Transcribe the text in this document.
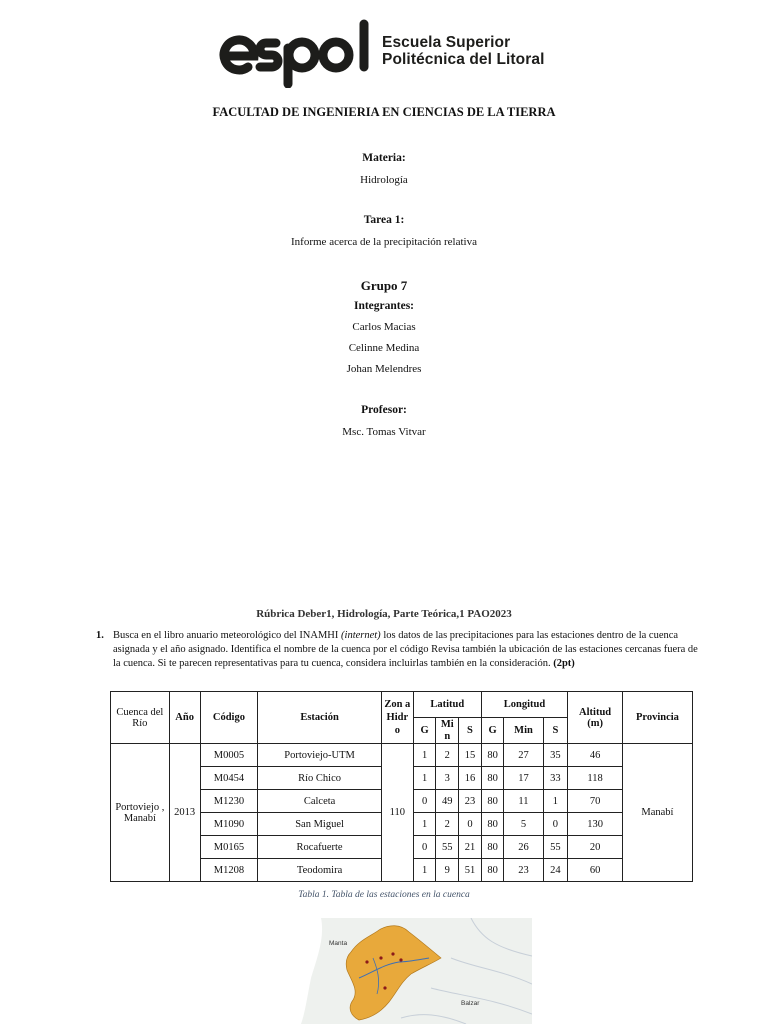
Escuela Superior
Politécnica del Litoral
FACULTAD DE INGENIERIA EN CIENCIAS DE LA TIERRA
Materia:
Hidrología
Tarea 1:
Informe acerca de la precipitación relativa
Grupo 7
Integrantes:
Carlos Macias
Celinne Medina
Johan Melendres
Profesor:
Msc. Tomas Vitvar
Rúbrica Deber1, Hidrología, Parte Teórica,1 PAO2023
1. Busca en el libro anuario meteorológico del INAMHI (internet) los datos de las precipitaciones para las estaciones dentro de la cuenca asignada y el año asignado. Identifica el nombre de la cuenca por el código Revisa también la ubicación de las estaciones cercanas fuera de la cuenca. Si te parecen representativas para tu cuenca, considera incluirlas también en la consideración. (2pt)
Cuenca del Río	Año	Código	Estación	Zon a Hidr o	Latitud			Longitud			Altitud (m)	Provincia
					G	Mi n	S	G	Min	S		
Portoviejo , Manabí	2013	M0005	Portoviejo-UTM	110	1	2	15	80	27	35	46	Manabí
		M0454	Río Chico		1	3	16	80	17	33	118	
		M1230	Calceta		0	49	23	80	11	1	70	
		M1090	San Miguel		1	2	0	80	5	0	130	
		M0165	Rocafuerte		0	55	21	80	26	55	20	
		M1208	Teodomira		1	9	51	80	23	24	60	
Tabla 1. Tabla de las estaciones en la cuenca
Manta
Balzar
